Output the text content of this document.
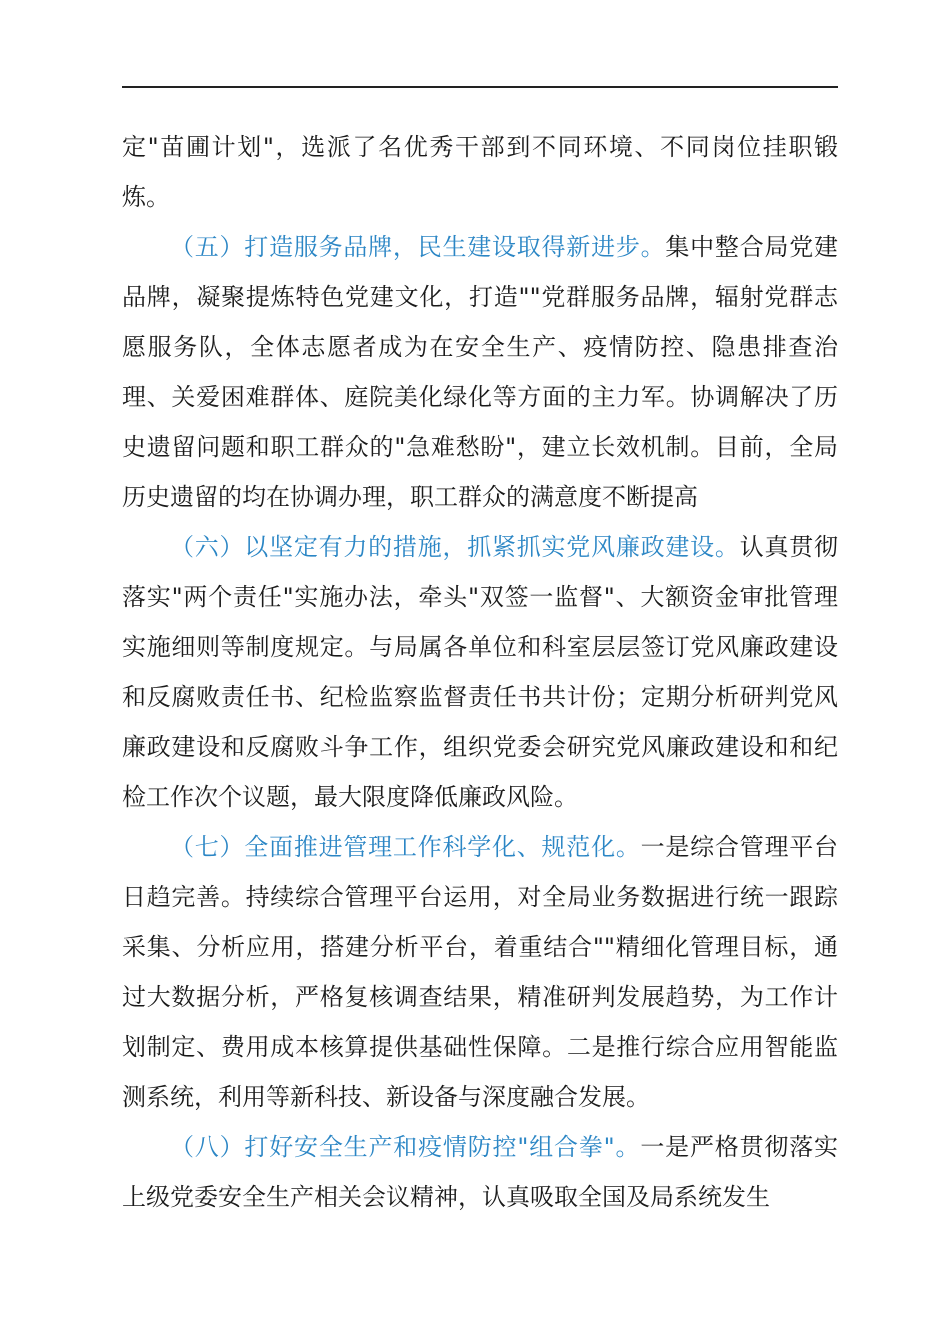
定"苗圃计划"，选派了名优秀干部到不同环境、不同岗位挂职锻炼。

（五）打造服务品牌，民生建设取得新进步。集中整合局党建品牌，凝聚提炼特色党建文化，打造""党群服务品牌，辐射党群志愿服务队，全体志愿者成为在安全生产、疫情防控、隐患排查治理、关爱困难群体、庭院美化绿化等方面的主力军。协调解决了历史遗留问题和职工群众的"急难愁盼"，建立长效机制。目前，全局历史遗留的均在协调办理，职工群众的满意度不断提高

（六）以坚定有力的措施，抓紧抓实党风廉政建设。认真贯彻落实"两个责任"实施办法，牵头"双签一监督"、大额资金审批管理实施细则等制度规定。与局属各单位和科室层层签订党风廉政建设和反腐败责任书、纪检监察监督责任书共计份；定期分析研判党风廉政建设和反腐败斗争工作，组织党委会研究党风廉政建设和和纪检工作次个议题，最大限度降低廉政风险。

（七）全面推进管理工作科学化、规范化。一是综合管理平台日趋完善。持续综合管理平台运用，对全局业务数据进行统一跟踪采集、分析应用，搭建分析平台，着重结合""精细化管理目标，通过大数据分析，严格复核调查结果，精准研判发展趋势，为工作计划制定、费用成本核算提供基础性保障。二是推行综合应用智能监测系统，利用等新科技、新设备与深度融合发展。

（八）打好安全生产和疫情防控"组合拳"。一是严格贯彻落实上级党委安全生产相关会议精神，认真吸取全国及局系统发生
